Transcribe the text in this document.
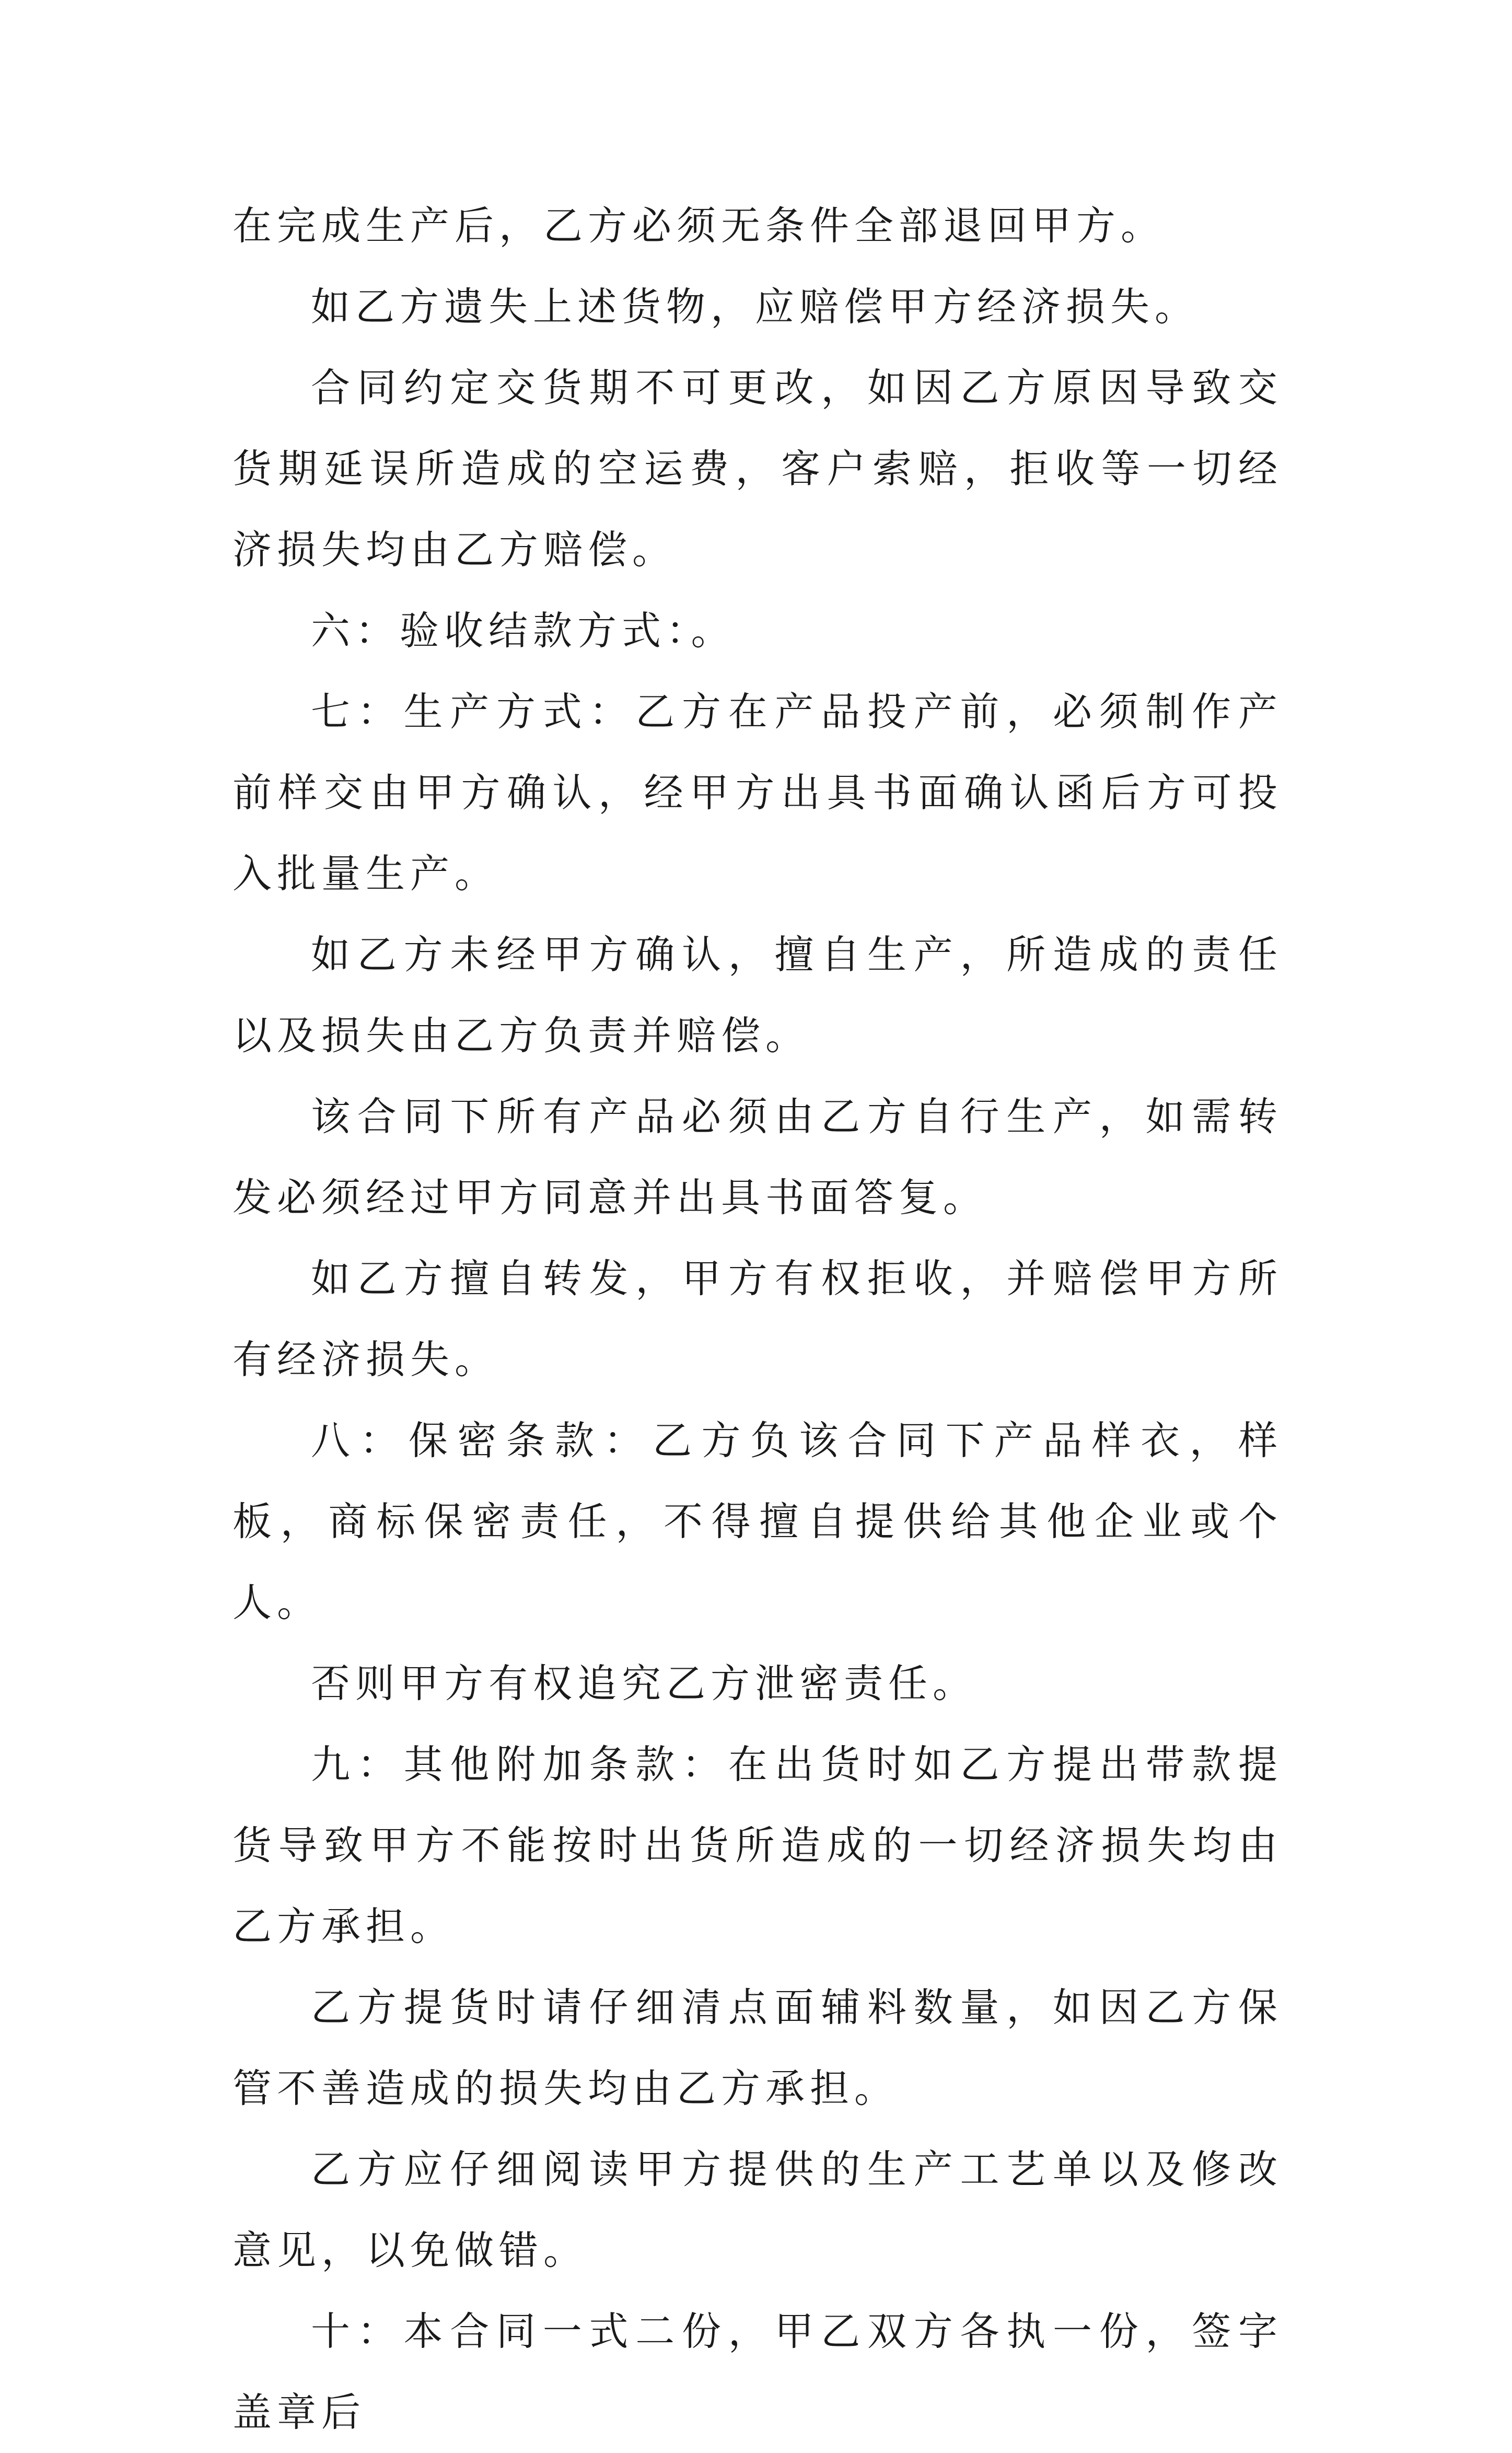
在完成生产后，乙方必须无条件全部退回甲方。

如乙方遗失上述货物，应赔偿甲方经济损失。

合同约定交货期不可更改，如因乙方原因导致交货期延误所造成的空运费，客户索赔，拒收等一切经济损失均由乙方赔偿。

六：验收结款方式：。

七：生产方式：乙方在产品投产前，必须制作产前样交由甲方确认，经甲方出具书面确认函后方可投入批量生产。

如乙方未经甲方确认，擅自生产，所造成的责任以及损失由乙方负责并赔偿。

该合同下所有产品必须由乙方自行生产，如需转发必须经过甲方同意并出具书面答复。

如乙方擅自转发，甲方有权拒收，并赔偿甲方所有经济损失。

八：保密条款：乙方负该合同下产品样衣，样板，商标保密责任，不得擅自提供给其他企业或个人。

否则甲方有权追究乙方泄密责任。

九：其他附加条款：在出货时如乙方提出带款提货导致甲方不能按时出货所造成的一切经济损失均由乙方承担。

乙方提货时请仔细清点面辅料数量，如因乙方保管不善造成的损失均由乙方承担。

乙方应仔细阅读甲方提供的生产工艺单以及修改意见，以免做错。

十：本合同一式二份，甲乙双方各执一份，签字盖章后
